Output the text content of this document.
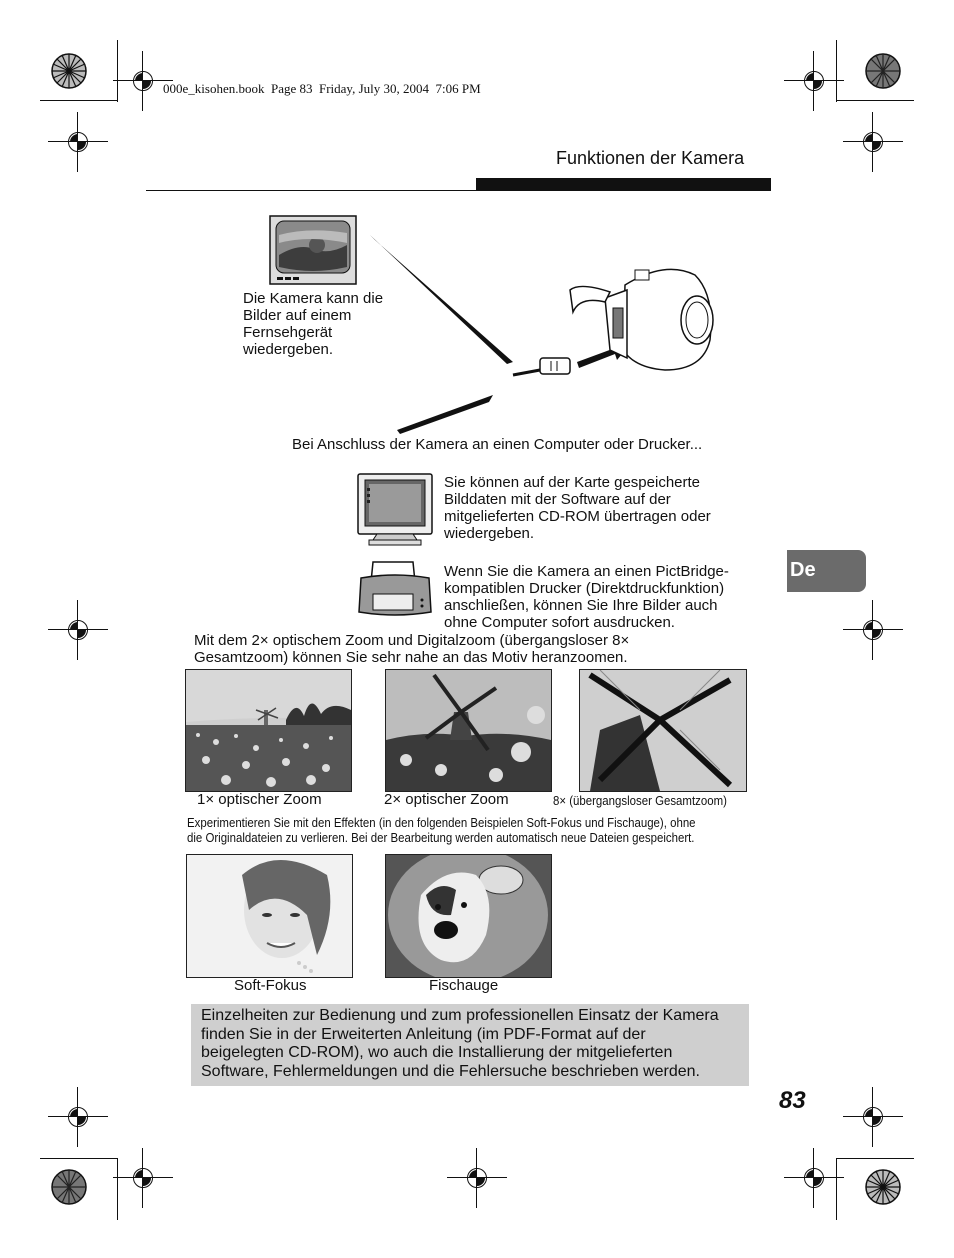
000e_kisohen.book  Page 83  Friday, July 30, 2004  7:06 PM
Funktionen der Kamera
Die Kamera kann die
Bilder auf einem
Fernsehgerät
wiedergeben.
Bei Anschluss der Kamera an einen Computer oder Drucker...
Sie können auf der Karte gespeicherte
Bilddaten mit der Software auf der
mitgelieferten CD-ROM übertragen oder
wiedergeben.
Wenn Sie die Kamera an einen PictBridge-
kompatiblen Drucker (Direktdruckfunktion)
anschließen, können Sie Ihre Bilder auch
ohne Computer sofort ausdrucken.
De
Mit dem 2× optischem Zoom und Digitalzoom (übergangsloser 8×
Gesamtzoom) können Sie sehr nahe an das Motiv heranzoomen.
1× optischer Zoom	2× optischer Zoom	8× (übergangsloser Gesamtzoom)
Experimentieren Sie mit den Effekten (in den folgenden Beispielen Soft-Fokus und Fischauge), ohne
die Originaldateien zu verlieren. Bei der Bearbeitung werden automatisch neue Dateien gespeichert.
Soft-Fokus	Fischauge
Einzelheiten zur Bedienung und zum professionellen Einsatz der Kamera
finden Sie in der Erweiterten Anleitung (im PDF-Format auf der
beigelegten CD-ROM), wo auch die Installierung der mitgelieferten
Software, Fehlermeldungen und die Fehlersuche beschrieben werden.
83
